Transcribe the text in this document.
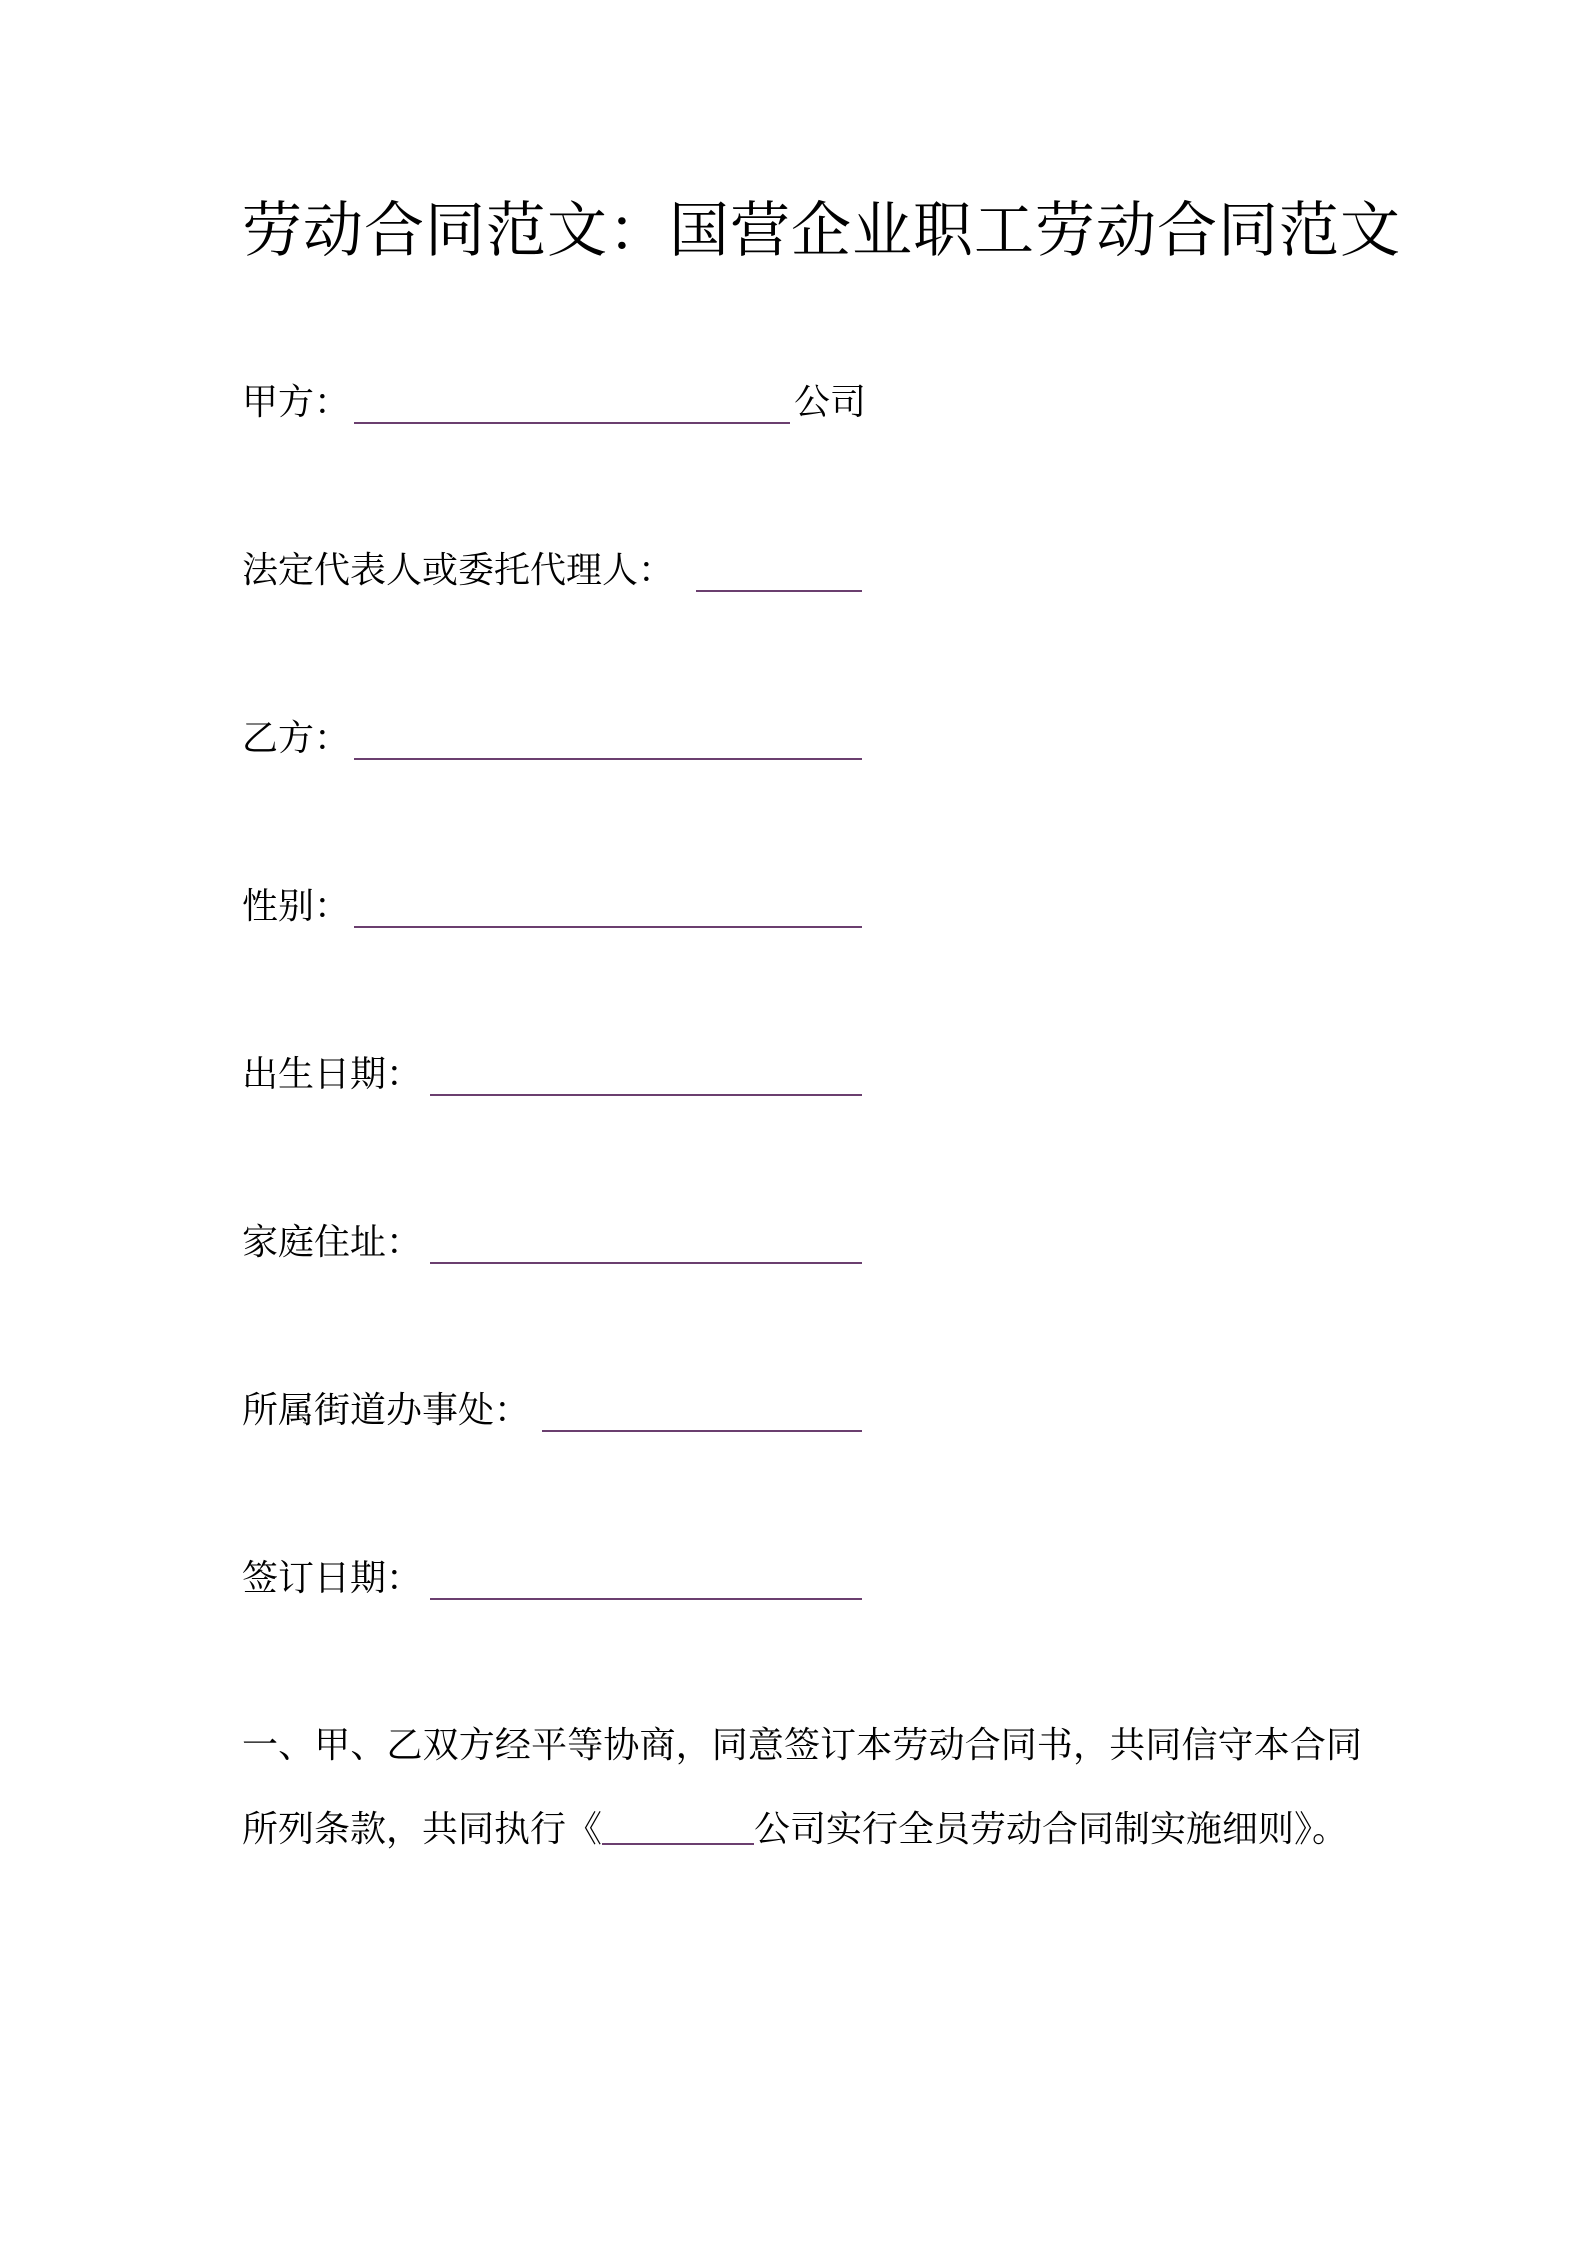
劳动合同范文：国营企业职工劳动合同范文
甲方：	公司
法定代表人或委托代理人：
乙方：
性别：
出生日期：
家庭住址：
所属街道办事处：
签订日期：
一、甲、乙双方经平等协商，同意签订本劳动合同书，共同信守本合同所列条款，共同执行《	公司实行全员劳动合同制实施细则》。
